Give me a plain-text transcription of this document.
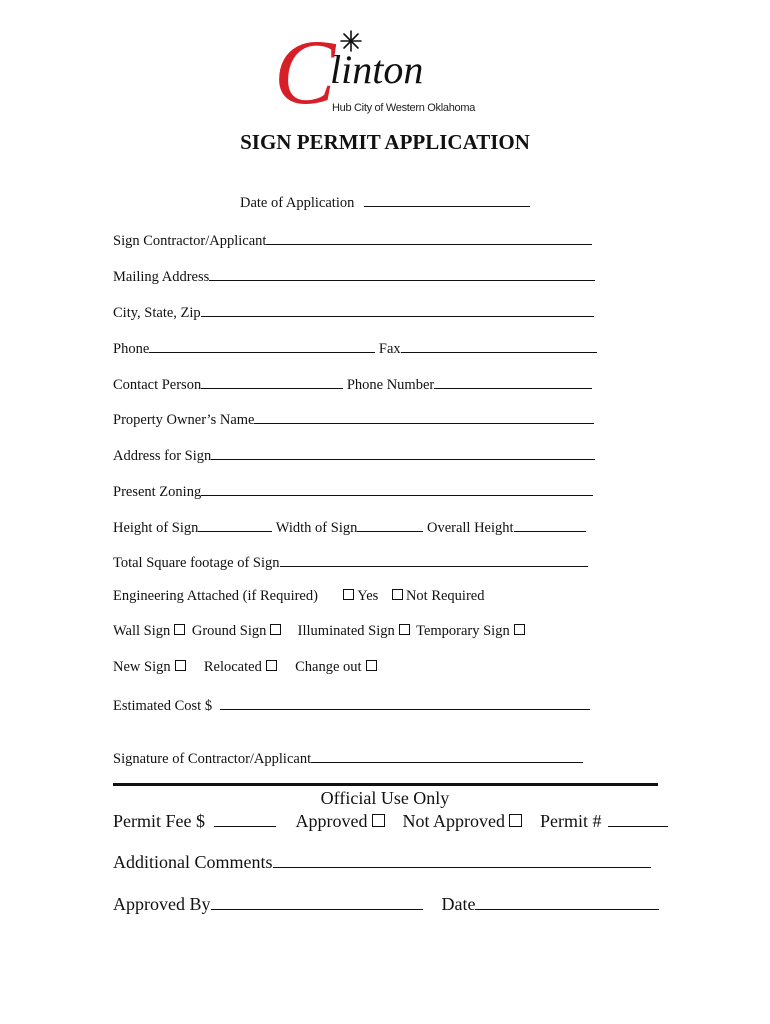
C
linton
Hub City of Western Oklahoma
SIGN PERMIT APPLICATION
Date of Application
Sign Contractor/Applicant
Mailing Address
City, State, Zip
Phone	Fax
Contact Person	Phone Number
Property Owner’s Name
Address for Sign
Present Zoning
Height of Sign	Width of Sign	Overall Height
Total Square footage of Sign
Engineering Attached (if Required)	Yes Not Required
Wall Sign Ground Sign Illuminated Sign Temporary Sign
New Sign Relocated Change out
Estimated Cost $
Signature of Contractor/Applicant
Official Use Only
Permit Fee $	Approved Not Approved Permit #
Additional Comments
Approved By	Date
